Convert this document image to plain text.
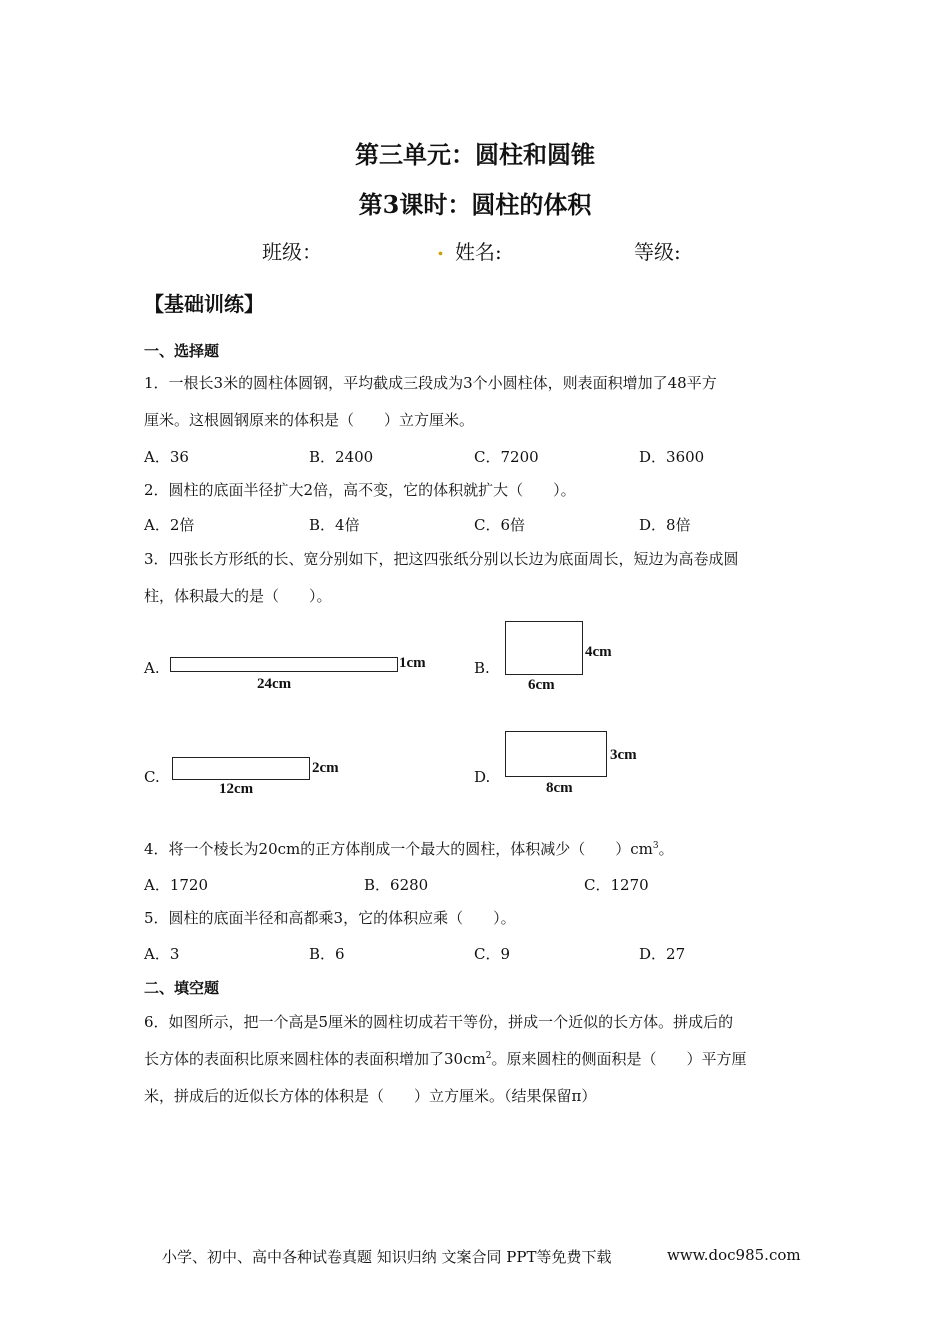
第三单元：圆柱和圆锥
第3课时：圆柱的体积
班级：	. 姓名:	等级:
【基础训练】
一、选择题
1．一根长3米的圆柱体圆钢，平均截成三段成为3个小圆柱体，则表面积增加了48平方
厘米。这根圆钢原来的体积是（　　）立方厘米。
A．36	B．2400	C．7200	D．3600
2．圆柱的底面半径扩大2倍，高不变，它的体积就扩大（　　）。
A．2倍	B．4倍	C．6倍	D．8倍
3．四张长方形纸的长、宽分别如下，把这四张纸分别以长边为底面周长，短边为高卷成圆
柱，体积最大的是（　　）。
A.	1cm
24cm
B.
4cm
6cm
C.	2cm
12cm
D.
3cm
8cm
4．将一个棱长为20cm的正方体削成一个最大的圆柱，体积减少（　　）$cm^3$。
A．1720	B．6280	C．1270
5．圆柱的底面半径和高都乘3，它的体积应乘（　　）。
A．3	B．6	C．9	D．27
二、填空题
6．如图所示，把一个高是5厘米的圆柱切成若干等份，拼成一个近似的长方体。拼成后的
长方体的表面积比原来圆柱体的表面积增加了$30cm^2$。原来圆柱的侧面积是（　　）平方厘
米，拼成后的近似长方体的体积是（　　）立方厘米。（结果保留π）
小学、初中、高中各种试卷真题 知识归纳 文案合同 PPT等免费下载	www.doc985.com
